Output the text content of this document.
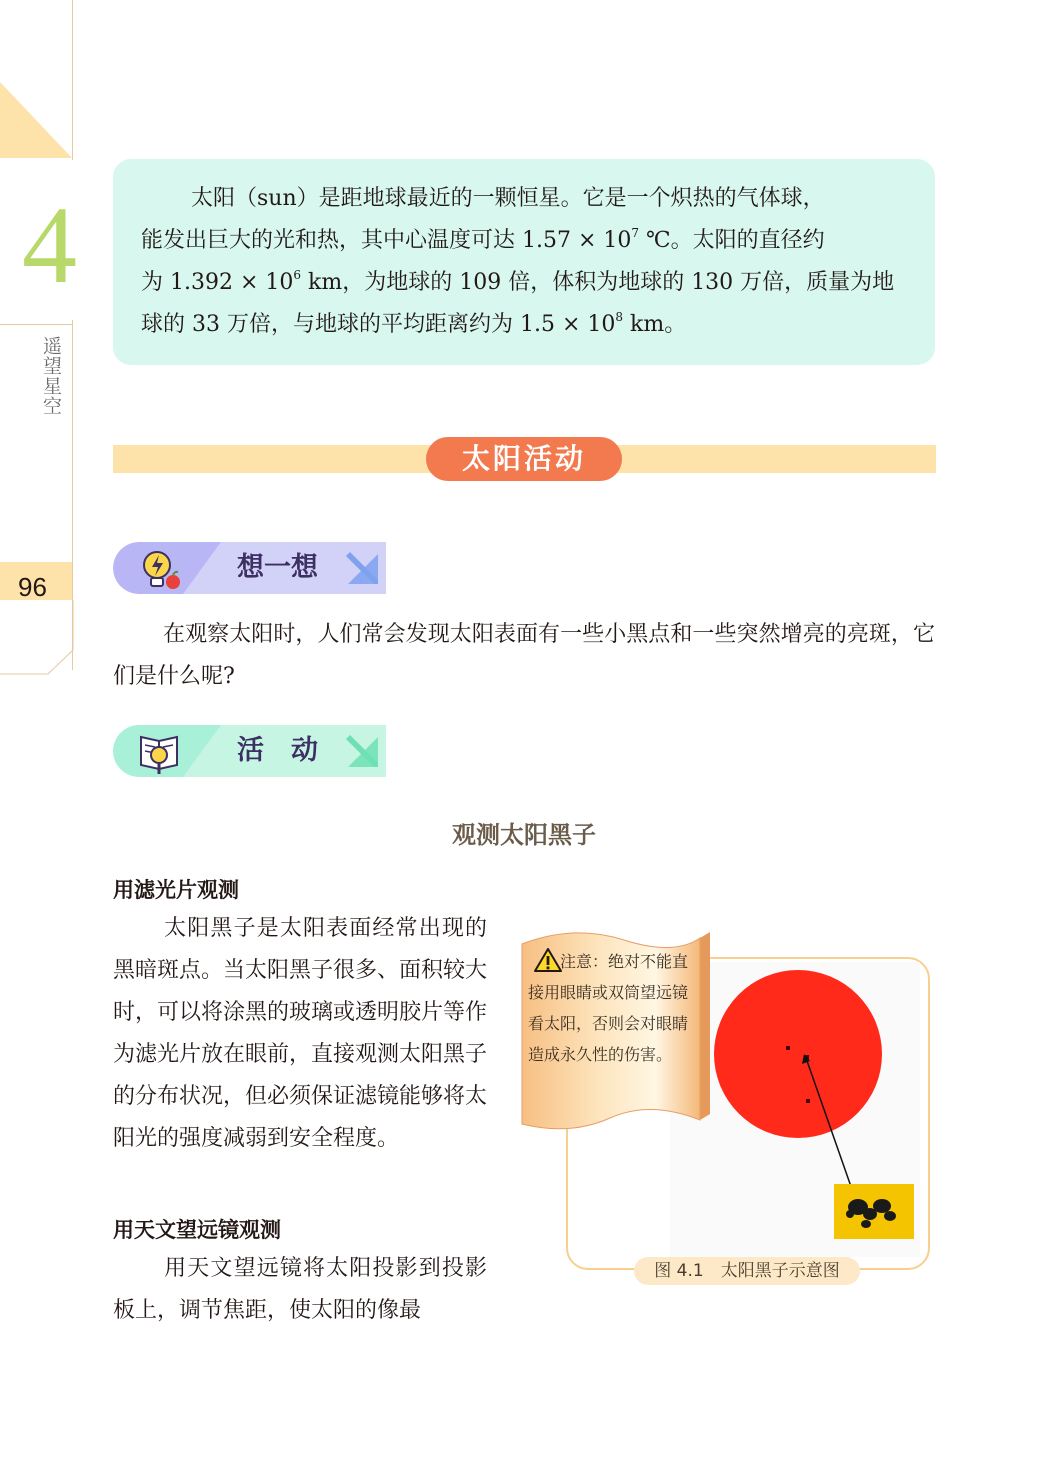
4
遥望星空
96
太阳（sun）是距地球最近的一颗恒星。它是一个炽热的气体球，
能发出巨大的光和热，其中心温度可达 $1.57 \times 10^7$ ℃。太阳的直径约
为 $1.392 \times 10^6$ km，为地球的 109 倍，体积为地球的 130 万倍，质量为地
球的 33 万倍，与地球的平均距离约为 $1.5 \times 10^8$ km。
太阳活动
想一想
在观察太阳时，人们常会发现太阳表面有一些小黑点和一些突然增亮的亮斑，它们是什么呢?
活　动
观测太阳黑子
用滤光片观测
太阳黑子是太阳表面经常出现的黑暗斑点。当太阳黑子很多、面积较大时，可以将涂黑的玻璃或透明胶片等作为滤光片放在眼前，直接观测太阳黑子的分布状况，但必须保证滤镜能够将太阳光的强度减弱到安全程度。
用天文望远镜观测
用天文望远镜将太阳投影到投影板上，调节焦距，使太阳的像最
注意：绝对不能直接用眼睛或双筒望远镜看太阳，否则会对眼睛造成永久性的伤害。
图 4.1　太阳黑子示意图
